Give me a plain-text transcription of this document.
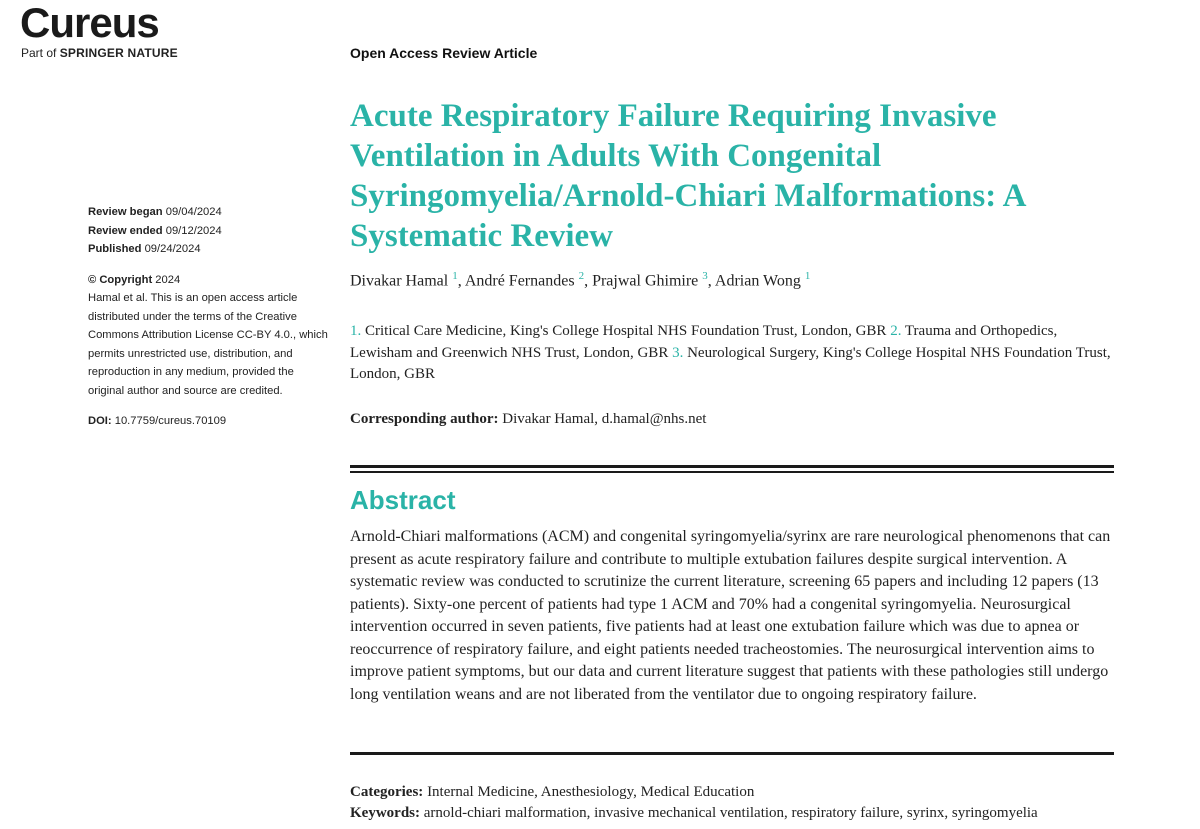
Cureus
Part of SPRINGER NATURE	Open Access Review Article
Review began 09/04/2024
Review ended 09/12/2024
Published 09/24/2024
© Copyright 2024
Hamal et al. This is an open access article distributed under the terms of the Creative Commons Attribution License CC-BY 4.0., which permits unrestricted use, distribution, and reproduction in any medium, provided the original author and source are credited.
DOI: 10.7759/cureus.70109
Acute Respiratory Failure Requiring Invasive Ventilation in Adults With Congenital Syringomyelia/Arnold-Chiari Malformations: A Systematic Review
Divakar Hamal $^1$, André Fernandes $^2$, Prajwal Ghimire $^3$, Adrian Wong $^1$
1. Critical Care Medicine, King's College Hospital NHS Foundation Trust, London, GBR 2. Trauma and Orthopedics, Lewisham and Greenwich NHS Trust, London, GBR 3. Neurological Surgery, King's College Hospital NHS Foundation Trust, London, GBR
Corresponding author: Divakar Hamal, d.hamal@nhs.net
Abstract

Arnold-Chiari malformations (ACM) and congenital syringomyelia/syrinx are rare neurological phenomenons that can present as acute respiratory failure and contribute to multiple extubation failures despite surgical intervention. A systematic review was conducted to scrutinize the current literature, screening 65 papers and including 12 papers (13 patients). Sixty-one percent of patients had type 1 ACM and 70% had a congenital syringomyelia. Neurosurgical intervention occurred in seven patients, five patients had at least one extubation failure which was due to apnea or reoccurrence of respiratory failure, and eight patients needed tracheostomies. The neurosurgical intervention aims to improve patient symptoms, but our data and current literature suggest that patients with these pathologies still undergo long ventilation weans and are not liberated from the ventilator due to ongoing respiratory failure.

Categories: Internal Medicine, Anesthesiology, Medical Education
Keywords: arnold-chiari malformation, invasive mechanical ventilation, respiratory failure, syrinx, syringomyelia
